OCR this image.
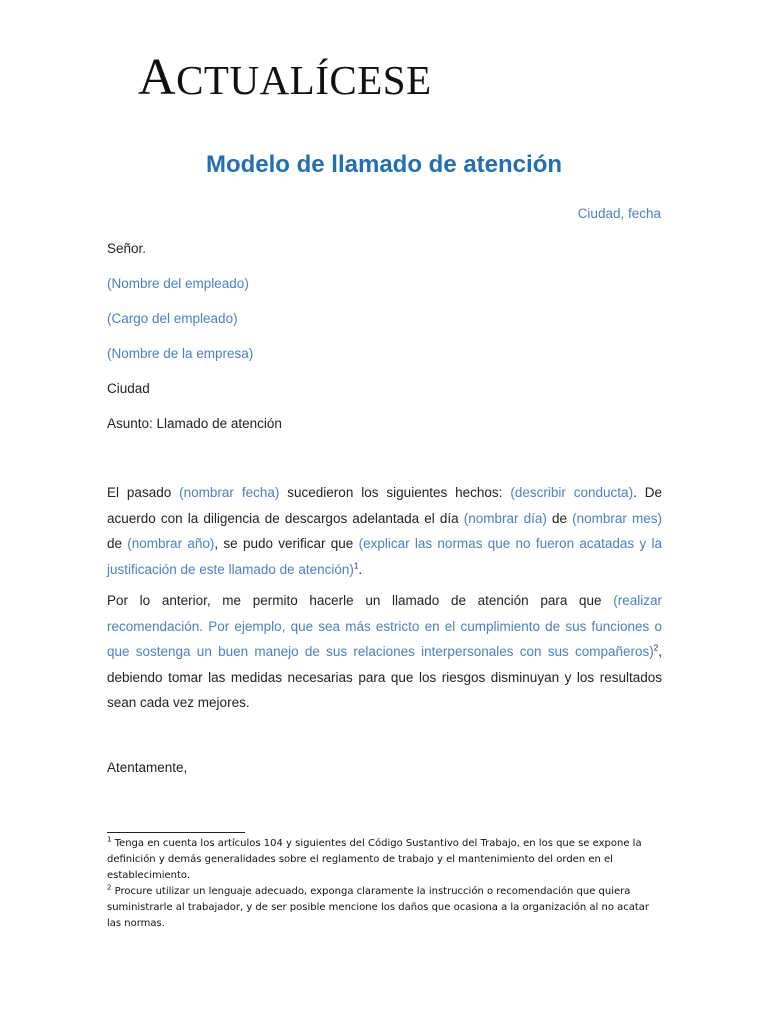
ACTUALÍCESE
Modelo de llamado de atención
Ciudad, fecha
Señor.
(Nombre del empleado)
(Cargo del empleado)
(Nombre de la empresa)
Ciudad
Asunto: Llamado de atención
El pasado (nombrar fecha) sucedieron los siguientes hechos: (describir conducta). De acuerdo con la diligencia de descargos adelantada el día (nombrar día) de (nombrar mes) de (nombrar año), se pudo verificar que (explicar las normas que no fueron acatadas y la justificación de este llamado de atención)$^1$.
Por lo anterior, me permito hacerle un llamado de atención para que (realizar recomendación. Por ejemplo, que sea más estricto en el cumplimiento de sus funciones o que sostenga un buen manejo de sus relaciones interpersonales con sus compañeros)$^2$, debiendo tomar las medidas necesarias para que los riesgos disminuyan y los resultados sean cada vez mejores.
Atentamente,
$^1$ Tenga en cuenta los artículos 104 y siguientes del Código Sustantivo del Trabajo, en los que se expone la definición y demás generalidades sobre el reglamento de trabajo y el mantenimiento del orden en el establecimiento.
$^2$ Procure utilizar un lenguaje adecuado, exponga claramente la instrucción o recomendación que quiera suministrarle al trabajador, y de ser posible mencione los daños que ocasiona a la organización al no acatar las normas.
